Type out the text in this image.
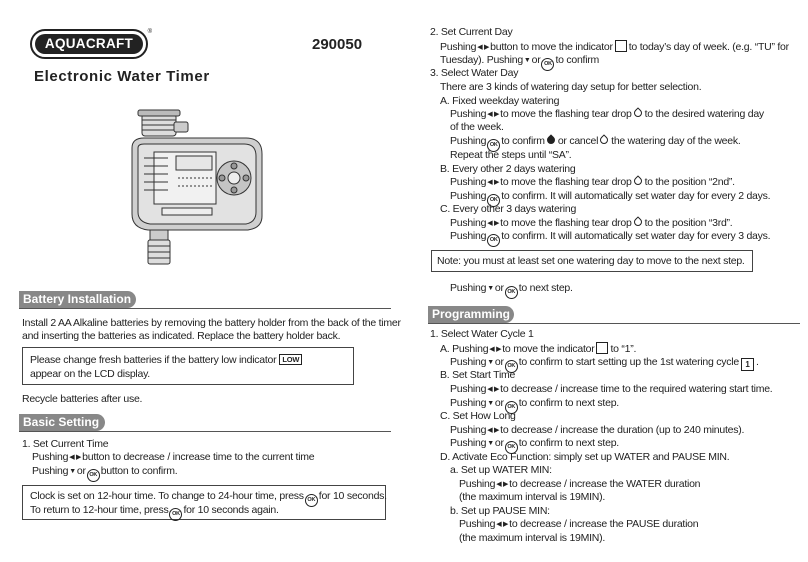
AQUACRAFT
®
290050
Electronic Water Timer
Battery Installation
Install 2 AA Alkaline batteries by removing the battery holder from the back of the timer
and inserting the batteries as indicated. Replace the battery holder back.
Please change fresh batteries if the battery low indicator LOW
appear on the LCD display.
Recycle batteries after use.
Basic Setting
1. Set Current Time
Pushing◀ ▶button to decrease / increase time to the current time
Pushing▼or OK button to confirm.
Clock is set on 12-hour time. To change to 24-hour time, press OK for 10 seconds.
To return to 12-hour time, press OK for 10 seconds again.
2. Set Current Day
Pushing◀ ▶button to move the indicator to today’s day of week. (e.g. “TU” for
Tuesday). Pushing▼or OK to confirm
3. Select Water Day
There are 3 kinds of watering day setup for better selection.
A. Fixed weekday watering
Pushing◀ ▶to move the flashing tear drop to the desired watering day
of the week.
Pushing OK to confirm or cancel the watering day of the week.
Repeat the steps until “SA”.
B. Every other 2 days watering
Pushing◀ ▶to move the flashing tear drop to the position “2nd”.
Pushing OK to confirm. It will automatically set water day for every 2 days.
C. Every other 3 days watering
Pushing◀ ▶to move the flashing tear drop to the position “3rd”.
Pushing OK to confirm. It will automatically set water day for every 3 days.
Note: you must at least set one watering day to move to the next step.
Pushing▼or OK to next step.
Programming
1. Select Water Cycle 1
A. Pushing◀ ▶to move the indicator to “1”.
Pushing▼or OK to confirm to start setting up the 1st watering cycle 1 .
B. Set Start Time
Pushing◀ ▶to decrease / increase time to the required watering start time.
Pushing▼or OK to confirm to next step.
C. Set How Long
Pushing◀ ▶to decrease / increase the duration (up to 240 minutes).
Pushing▼or OK to confirm to next step.
D. Activate Eco Function: simply set up WATER and PAUSE MIN.
a. Set up WATER MIN:
Pushing◀ ▶to decrease / increase the WATER duration
(the maximum interval is 19MIN).
b. Set up PAUSE MIN:
Pushing◀ ▶to decrease / increase the PAUSE duration
(the maximum interval is 19MIN).
